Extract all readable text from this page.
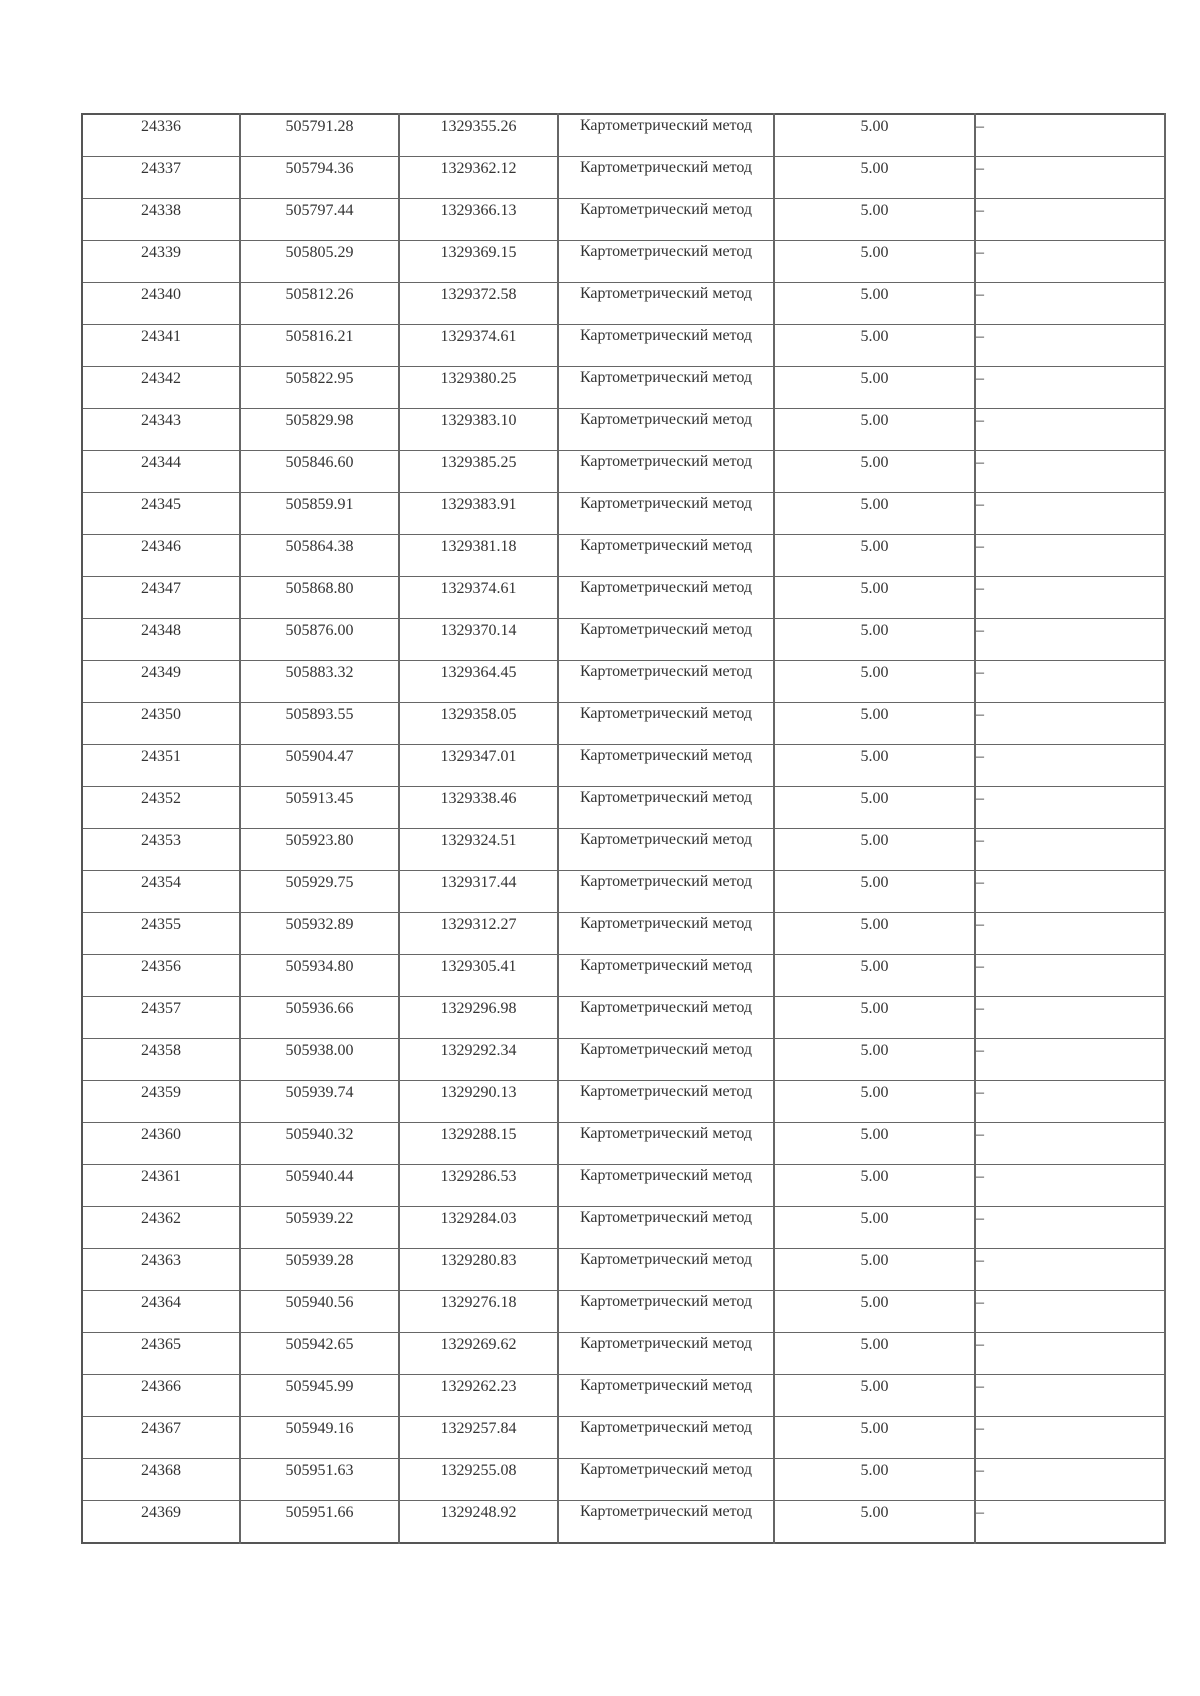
24336	505791.28	1329355.26	Картометрический метод	5.00	–

24337	505794.36	1329362.12	Картометрический метод	5.00	–

24338	505797.44	1329366.13	Картометрический метод	5.00	–

24339	505805.29	1329369.15	Картометрический метод	5.00	–

24340	505812.26	1329372.58	Картометрический метод	5.00	–

24341	505816.21	1329374.61	Картометрический метод	5.00	–

24342	505822.95	1329380.25	Картометрический метод	5.00	–

24343	505829.98	1329383.10	Картометрический метод	5.00	–

24344	505846.60	1329385.25	Картометрический метод	5.00	–

24345	505859.91	1329383.91	Картометрический метод	5.00	–

24346	505864.38	1329381.18	Картометрический метод	5.00	–

24347	505868.80	1329374.61	Картометрический метод	5.00	–

24348	505876.00	1329370.14	Картометрический метод	5.00	–

24349	505883.32	1329364.45	Картометрический метод	5.00	–

24350	505893.55	1329358.05	Картометрический метод	5.00	–

24351	505904.47	1329347.01	Картометрический метод	5.00	–

24352	505913.45	1329338.46	Картометрический метод	5.00	–

24353	505923.80	1329324.51	Картометрический метод	5.00	–

24354	505929.75	1329317.44	Картометрический метод	5.00	–

24355	505932.89	1329312.27	Картометрический метод	5.00	–

24356	505934.80	1329305.41	Картометрический метод	5.00	–

24357	505936.66	1329296.98	Картометрический метод	5.00	–

24358	505938.00	1329292.34	Картометрический метод	5.00	–

24359	505939.74	1329290.13	Картометрический метод	5.00	–

24360	505940.32	1329288.15	Картометрический метод	5.00	–

24361	505940.44	1329286.53	Картометрический метод	5.00	–

24362	505939.22	1329284.03	Картометрический метод	5.00	–

24363	505939.28	1329280.83	Картометрический метод	5.00	–

24364	505940.56	1329276.18	Картометрический метод	5.00	–

24365	505942.65	1329269.62	Картометрический метод	5.00	–

24366	505945.99	1329262.23	Картометрический метод	5.00	–

24367	505949.16	1329257.84	Картометрический метод	5.00	–

24368	505951.63	1329255.08	Картометрический метод	5.00	–

24369	505951.66	1329248.92	Картометрический метод	5.00	–
